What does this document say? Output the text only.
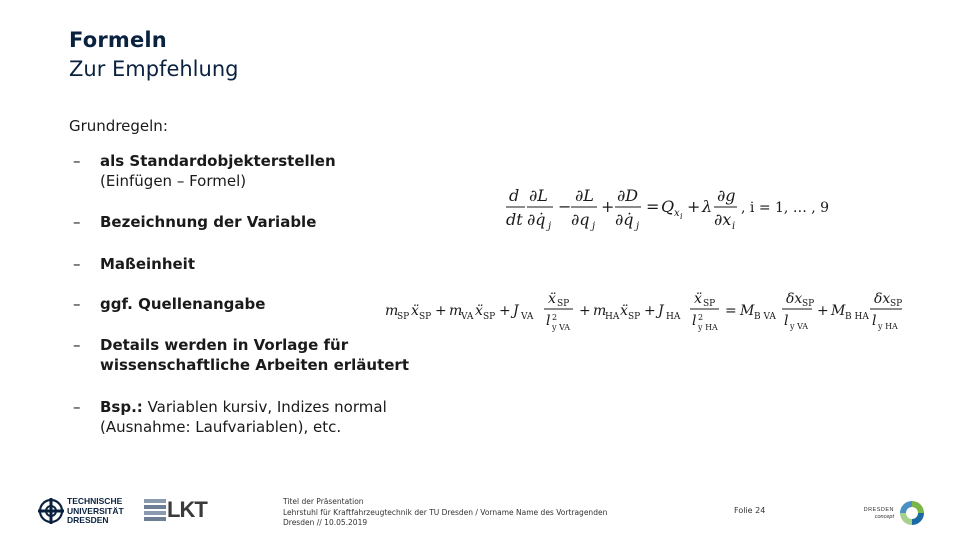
Formeln
Zur Empfehlung
Grundregeln:
–	als Standardobjekterstellen
(Einfügen – Formel)
–	Bezeichnung der Variable
–	Maßeinheit
–	ggf. Quellenangabe
–	Details werden in Vorlage für
wissenschaftliche Arbeiten erläutert
–	Bsp.: Variablen kursiv, Indizes normal
(Ausnahme: Laufvariablen), etc.
d
dt
∂L
∂q̇ j
−
∂L
∂q j
+
∂D
∂q̇ j
= Q x i
+ λ
∂g
∂x i
, i = 1, … , 9
m
SP ẍ SP + m
VA ẍ SP + J VA
ẍ SP
l 2
y VA
+ m
HA ẍ SP + J HA
ẍ SP
l 2
y HA
= M B VA
δx SP
l y VA
+ M B HA
δx SP
l y HA
TECHNISCHE
UNIVERSITÄT
DRESDEN	LKT	Titel der Präsentation
Lehrstuhl für Kraftfahrzeugtechnik der TU Dresden / Vorname Name des Vortragenden
Dresden // 10.05.2019
Folie 24	DRESDEN
concept
